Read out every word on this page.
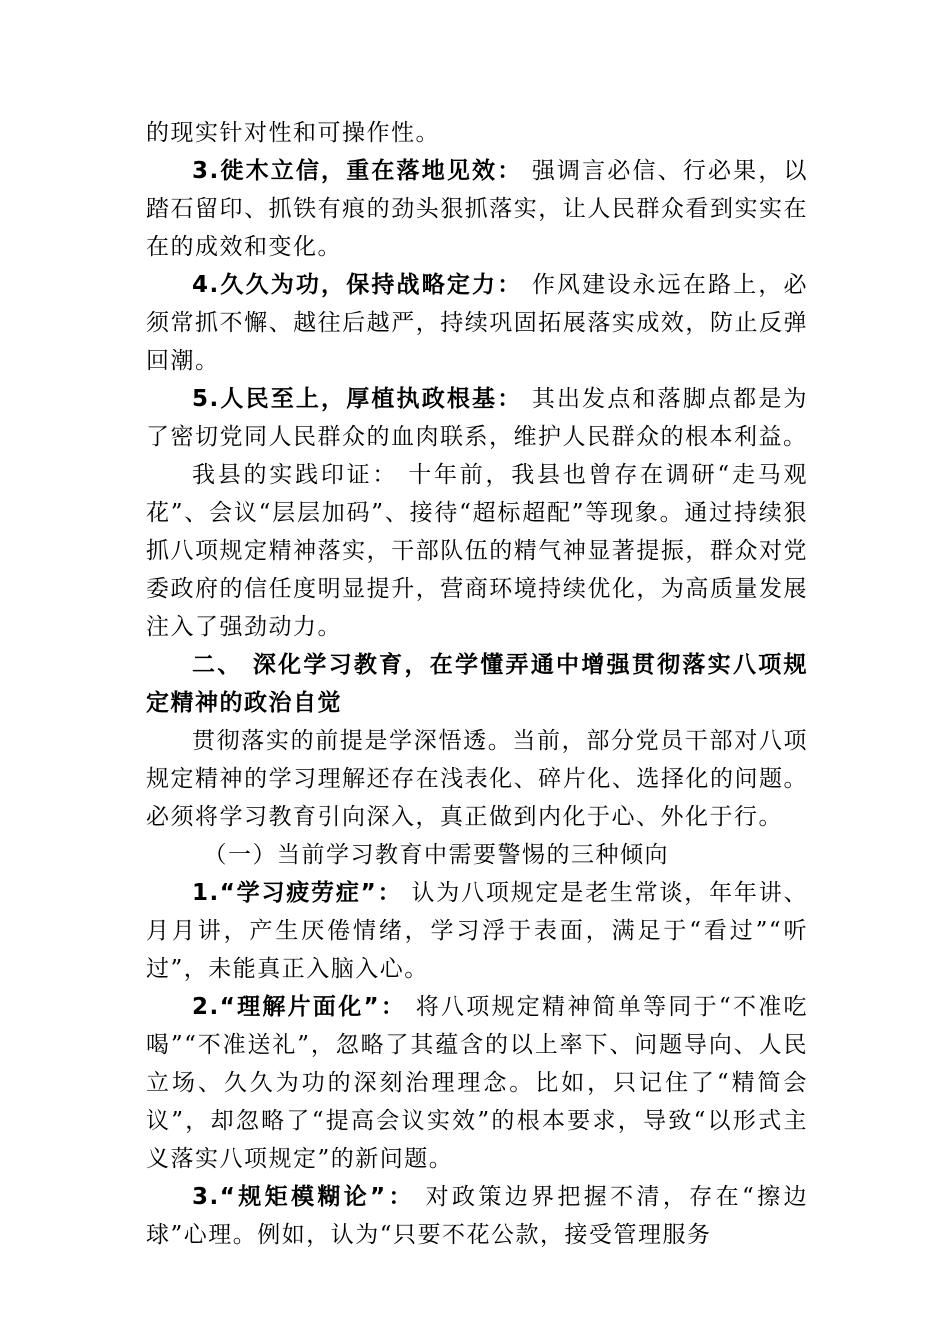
的现实针对性和可操作性。

3.徙木立信，重在落地见效： 强调言必信、行必果，以踏石留印、抓铁有痕的劲头狠抓落实，让人民群众看到实实在在的成效和变化。

4.久久为功，保持战略定力： 作风建设永远在路上，必须常抓不懈、越往后越严，持续巩固拓展落实成效，防止反弹回潮。

5.人民至上，厚植执政根基： 其出发点和落脚点都是为了密切党同人民群众的血肉联系，维护人民群众的根本利益。

我县的实践印证： 十年前，我县也曾存在调研“走马观花”、会议“层层加码”、接待“超标超配”等现象。通过持续狠抓八项规定精神落实，干部队伍的精气神显著提振，群众对党委政府的信任度明显提升，营商环境持续优化，为高质量发展注入了强劲动力。

二、 深化学习教育，在学懂弄通中增强贯彻落实八项规定精神的政治自觉

贯彻落实的前提是学深悟透。当前，部分党员干部对八项规定精神的学习理解还存在浅表化、碎片化、选择化的问题。必须将学习教育引向深入，真正做到内化于心、外化于行。

（一）当前学习教育中需要警惕的三种倾向

1.“学习疲劳症”： 认为八项规定是老生常谈，年年讲、月月讲，产生厌倦情绪，学习浮于表面，满足于“看过”“听过”，未能真正入脑入心。

2.“理解片面化”： 将八项规定精神简单等同于“不准吃喝”“不准送礼”，忽略了其蕴含的以上率下、问题导向、人民立场、久久为功的深刻治理理念。比如，只记住了“精简会议”，却忽略了“提高会议实效”的根本要求，导致“以形式主义落实八项规定”的新问题。

3.“规矩模糊论”： 对政策边界把握不清，存在“擦边球”心理。例如，认为“只要不花公款，接受管理服务
